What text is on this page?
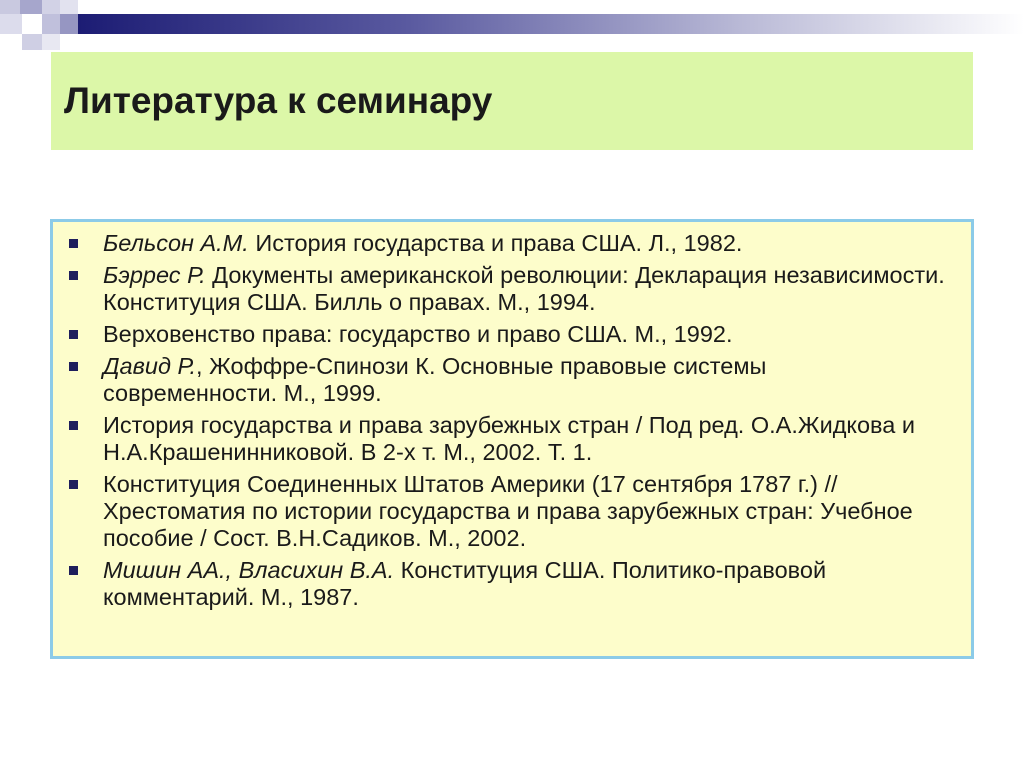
Литература к семинару
Бельсон А.М. История государства и права США. Л., 1982.
Бэррес Р. Документы американской революции: Декларация независимости. Конституция США. Билль о правах. М., 1994.
Верховенство права: государство и право США. М., 1992.
Давид Р., Жоффре-Спинози К. Основные правовые системы современности. М., 1999.
История государства и права зарубежных стран / Под ред. О.А.Жидкова и Н.А.Крашенинниковой. В 2-х т. М., 2002. Т. 1.
Конституция Соединенных Штатов Америки (17 сентября 1787 г.) // Хрестоматия по истории государства и права зарубежных стран: Учебное пособие / Сост. В.Н.Садиков. М., 2002.
Мишин АА., Власихин В.А. Конституция США. Политико-правовой комментарий. М., 1987.
